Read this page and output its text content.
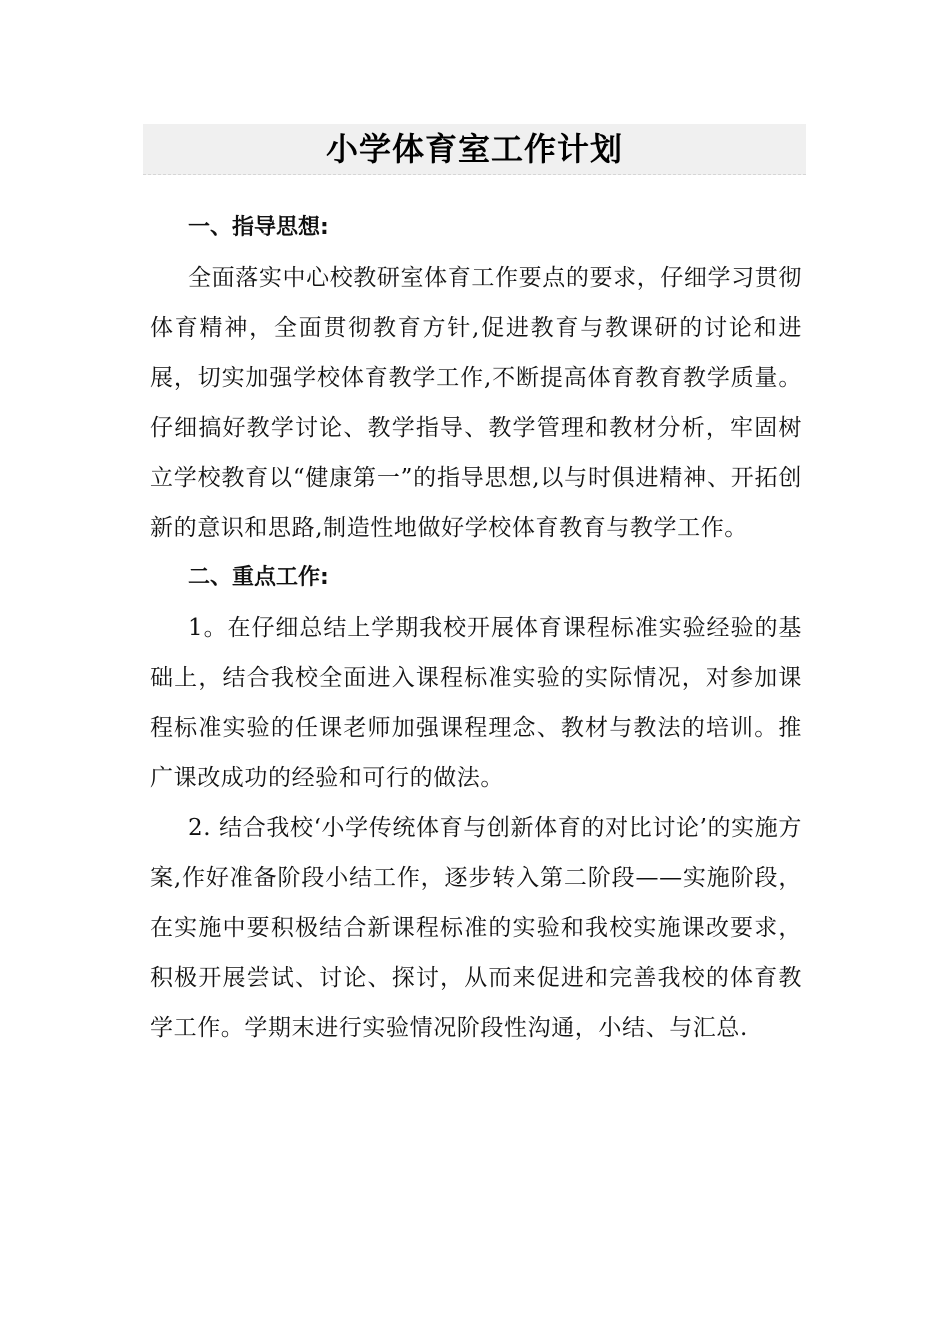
小学体育室工作计划
一、指导思想:

全面落实中心校教研室体育工作要点的要求，仔细学习贯彻体育精神，全面贯彻教育方针,促进教育与教课研的讨论和进展，切实加强学校体育教学工作,不断提高体育教育教学质量。仔细搞好教学讨论、教学指导、教学管理和教材分析，牢固树立学校教育以“健康第一”的指导思想,以与时俱进精神、开拓创新的意识和思路,制造性地做好学校体育教育与教学工作。

二、重点工作:

1。在仔细总结上学期我校开展体育课程标准实验经验的基础上，结合我校全面进入课程标准实验的实际情况，对参加课程标准实验的任课老师加强课程理念、教材与教法的培训。推广课改成功的经验和可行的做法。

2. 结合我校‘小学传统体育与创新体育的对比讨论’的实施方案,作好准备阶段小结工作，逐步转入第二阶段——实施阶段，在实施中要积极结合新课程标准的实验和我校实施课改要求，积极开展尝试、讨论、探讨，从而来促进和完善我校的体育教学工作。学期末进行实验情况阶段性沟通，小结、与汇总.
